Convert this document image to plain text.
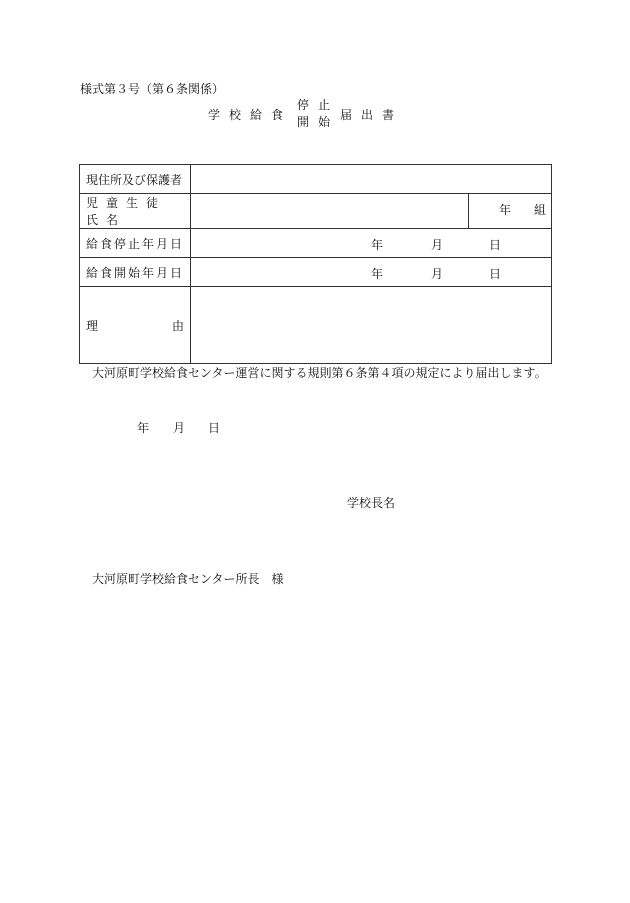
様式第３号（第６条関係）
学校給食
停止
開始 届出書
現住所及び保護者		

児童生徒氏名		年 組

給食停止年月日	年 月 日	

給食開始年月日	年 月 日	

理 由		

大河原町学校給食センター運営に関する規則第６条第４項の規定により届出します。
年 月 日
学校長名
大河原町学校給食センター所長　様
